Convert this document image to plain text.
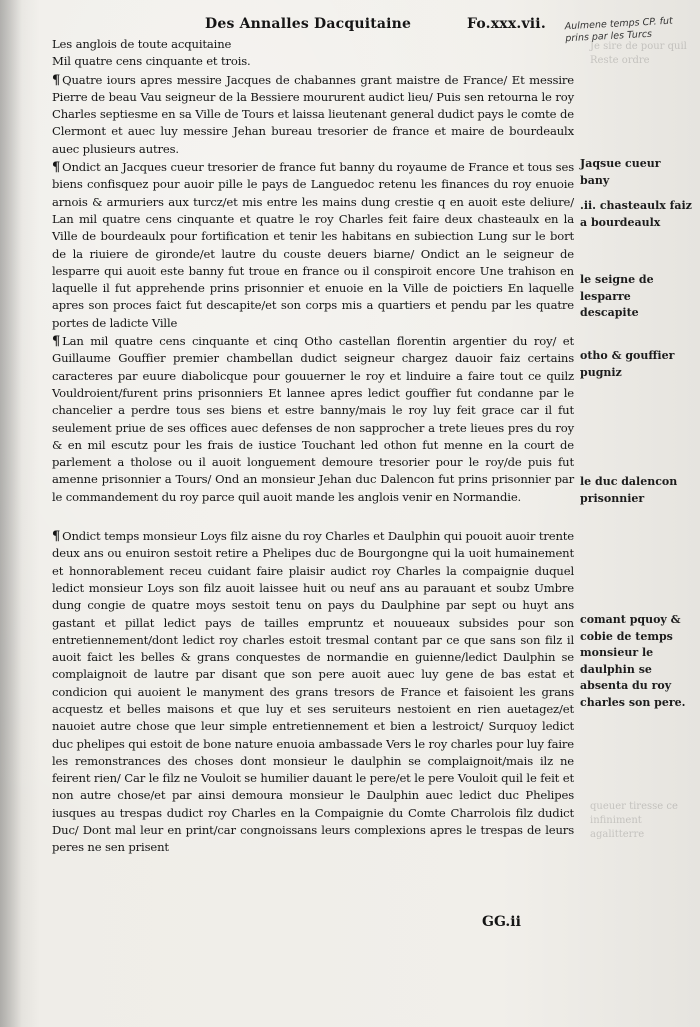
Des Annalles Dacquitaine	Fo.xxx.vii. Aulmene temps CP. fut prins par les Turcs
Je sire de pour quil Reste ordre
queuer tiresse ce infiniment agalitterre

Les anglois de toute acquitaine

Mil quatre cens cinquante et trois.

¶ Quatre iours apres messire Jacques de chabannes grant maistre de France/ Et messire Pierre de beau Vau seigneur de la Bessiere moururent audict lieu/ Puis sen retourna le roy Charles septiesme en sa Ville de Tours et laissa lieutenant general dudict pays le comte de Clermont et auec luy messire Jehan bureau tresorier de france et maire de bourdeaulx auec plusieurs autres.

¶ Ondict an Jacques cueur tresorier de france fut banny du royaume de France et tous ses biens confisquez pour auoir pille le pays de Languedoc retenu les finances du roy enuoie arnois & armuriers aux turcz/et mis entre les mains dung crestie q en auoit este deliure/ Lan mil quatre cens cinquante et quatre le roy Charles feit faire deux chasteaulx en la Ville de bourdeaulx pour fortification et tenir les habitans en subiection Lung sur le bort de la riuiere de gironde/et lautre du couste deuers biarne/ Ondict an le seigneur de lesparre qui auoit este banny fut troue en france ou il conspiroit encore Une trahison en laquelle il fut apprehende prins prisonnier et enuoie en la Ville de poictiers En laquelle apres son proces faict fut descapite/et son corps mis a quartiers et pendu par les quatre portes de ladicte Ville

¶ Lan mil quatre cens cinquante et cinq Otho castellan florentin argentier du roy/ et Guillaume Gouffier premier chambellan dudict seigneur chargez dauoir faiz certains caracteres par euure diabolicque pour gouuerner le roy et linduire a faire tout ce quilz Vouldroient/furent prins prisonniers Et lannee apres ledict gouffier fut condanne par le chancelier a perdre tous ses biens et estre banny/mais le roy luy feit grace car il fut seulement priue de ses offices auec defenses de non sapprocher a trete lieues pres du roy & en mil escutz pour les frais de iustice Touchant led othon fut menne en la court de parlement a tholose ou il auoit longuement demoure tresorier pour le roy/de puis fut amenne prisonnier a Tours/ Ond an monsieur Jehan duc Dalencon fut prins prisonnier par le commandement du roy parce quil auoit mande les anglois venir en Normandie.

¶ Ondict temps monsieur Loys filz aisne du roy Charles et Daulphin qui pouoit auoir trente deux ans ou enuiron sestoit retire a Phelipes duc de Bourgongne qui la uoit humainement et honnorablement receu cuidant faire plaisir audict roy Charles la compaignie duquel ledict monsieur Loys son filz auoit laissee huit ou neuf ans au parauant et soubz Umbre dung congie de quatre moys sestoit tenu on pays du Daulphine par sept ou huyt ans gastant et pillat ledict pays de tailles empruntz et nouueaux subsides pour son entretiennement/dont ledict roy charles estoit tresmal contant par ce que sans son filz il auoit faict les belles & grans conquestes de normandie en guienne/ledict Daulphin se complaignoit de lautre par disant que son pere auoit auec luy gene de bas estat et condicion qui auoient le manyment des grans tresors de France et faisoient les grans acquestz et belles maisons et que luy et ses seruiteurs nestoient en rien auetagez/et nauoiet autre chose que leur simple entretiennement et bien a lestroict/ Surquoy ledict duc phelipes qui estoit de bone nature enuoia ambassade Vers le roy charles pour luy faire les remonstrances des choses dont monsieur le daulphin se complaignoit/mais ilz ne feirent rien/ Car le filz ne Vouloit se humilier dauant le pere/et le pere Vouloit quil le feit et non autre chose/et par ainsi demoura monsieur le Daulphin auec ledict duc Phelipes iusques au trespas dudict roy Charles en la Compaignie du Comte Charrolois filz dudict Duc/ Dont mal leur en print/car congnoissans leurs complexions apres le trespas de leurs peres ne sen prisent

Jaqsue cueur bany
.ii. chasteaulx faiz a bourdeaulx
le seigne de lesparre descapite
otho & gouffier pugniz
le duc dalencon prisonnier
comant pquoy & cobie de temps monsieur le daulphin se absenta du roy charles son pere.
GG.ii
